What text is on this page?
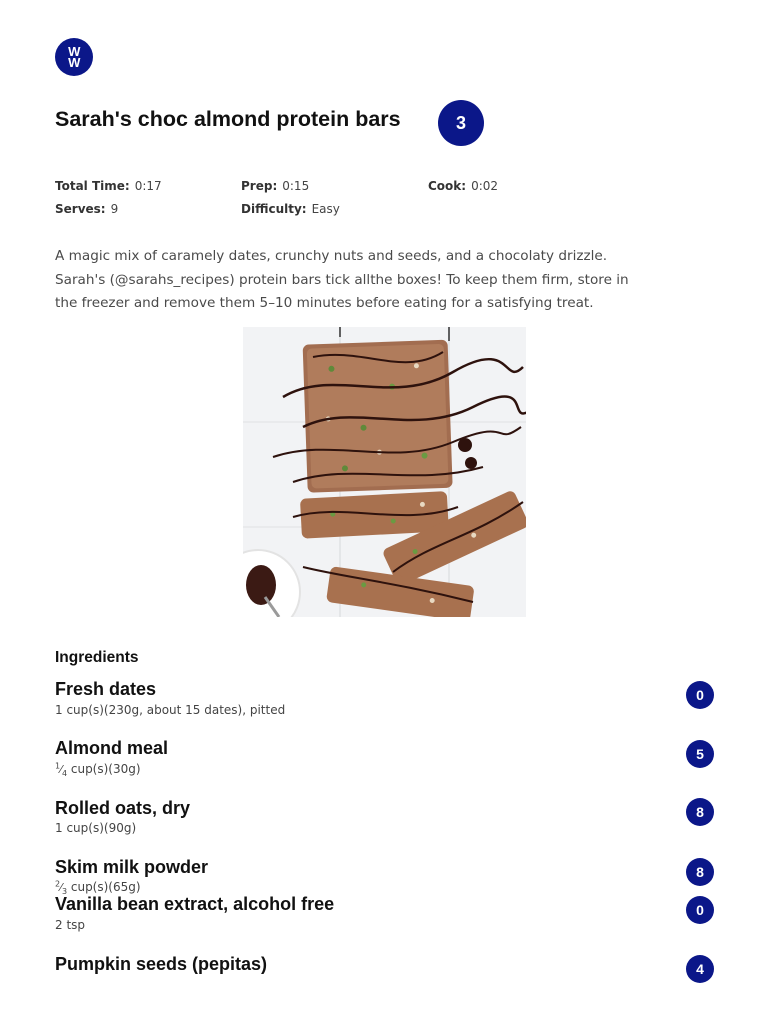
W
W
Sarah's choc almond protein bars	3
Total Time: 0:17	Prep: 0:15	Cook: 0:02
Serves: 9	Difficulty: Easy

A magic mix of caramely dates, crunchy nuts and seeds, and a chocolaty drizzle. Sarah's (@sarahs_recipes) protein bars tick allthe boxes! To keep them firm, store in the freezer and remove them 5–10 minutes before eating for a satisfying treat.

Ingredients
Fresh dates
1 cup(s)(230g, about 15 dates), pitted
0
Almond meal
$^1⁄_4$ cup(s)(30g)
5
Rolled oats, dry
1 cup(s)(90g)
8
Skim milk powder
$^2⁄_3$ cup(s)(65g)
8
Vanilla bean extract, alcohol free
2 tsp
0
Pumpkin seeds (pepitas)	4
